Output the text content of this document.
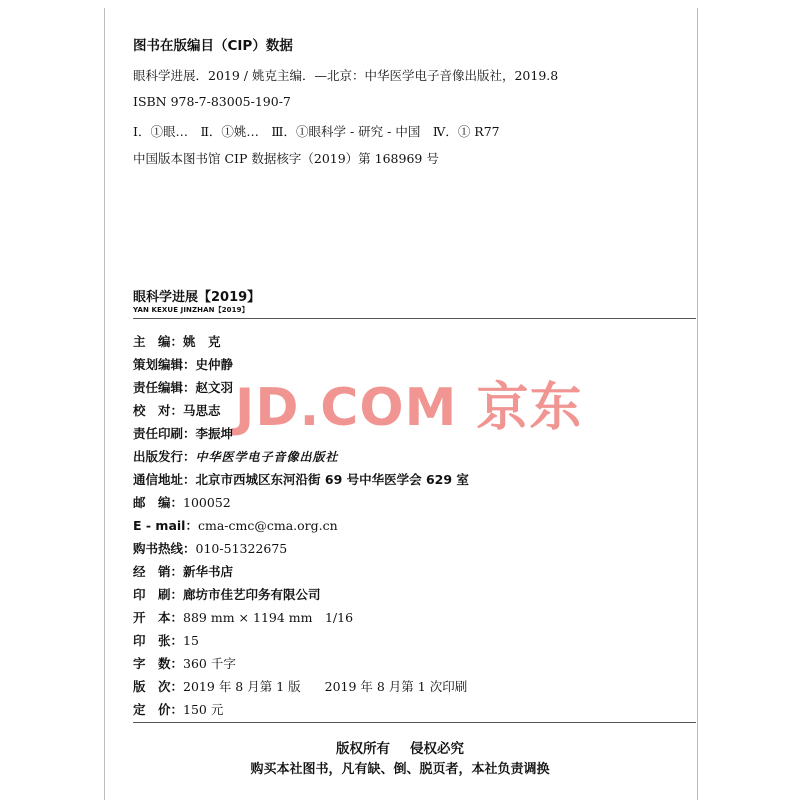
图书在版编目（CIP）数据
眼科学进展．2019 / 姚克主编．—北京：中华医学电子音像出版社，2019.8
ISBN 978-7-83005-190-7
Ⅰ．①眼…　Ⅱ．①姚…　Ⅲ．①眼科学 - 研究 - 中国　Ⅳ．① R77
中国版本图书馆 CIP 数据核字（2019）第 168969 号
眼科学进展【2019】
YAN KEXUE JINZHAN【2019】
主　编 ： 姚　克
策划编辑 ： 史仲静
责任编辑 ： 赵文羽
校　对 ： 马思志
责任印刷 ： 李振坤
出版发行 ： 中华医学电子音像出版社
通信地址 ： 北京市西城区东河沿街 69 号中华医学会 629 室
邮　编 ： 100052
E - mail ： cma-cmc@cma.org.cn
购书热线 ： 010-51322675
经　销 ： 新华书店
印　刷 ： 廊坊市佳艺印务有限公司
开　本 ： 889 mm × 1194 mm　1/16
印　张 ： 15
字　数 ： 360 千字
版　次 ： 2019 年 8 月第 1 版 2019 年 8 月第 1 次印刷
定　价 ： 150 元
版权所有 侵权必究
购买本社图书，凡有缺、倒、脱页者，本社负责调换
JD.COM 京东
